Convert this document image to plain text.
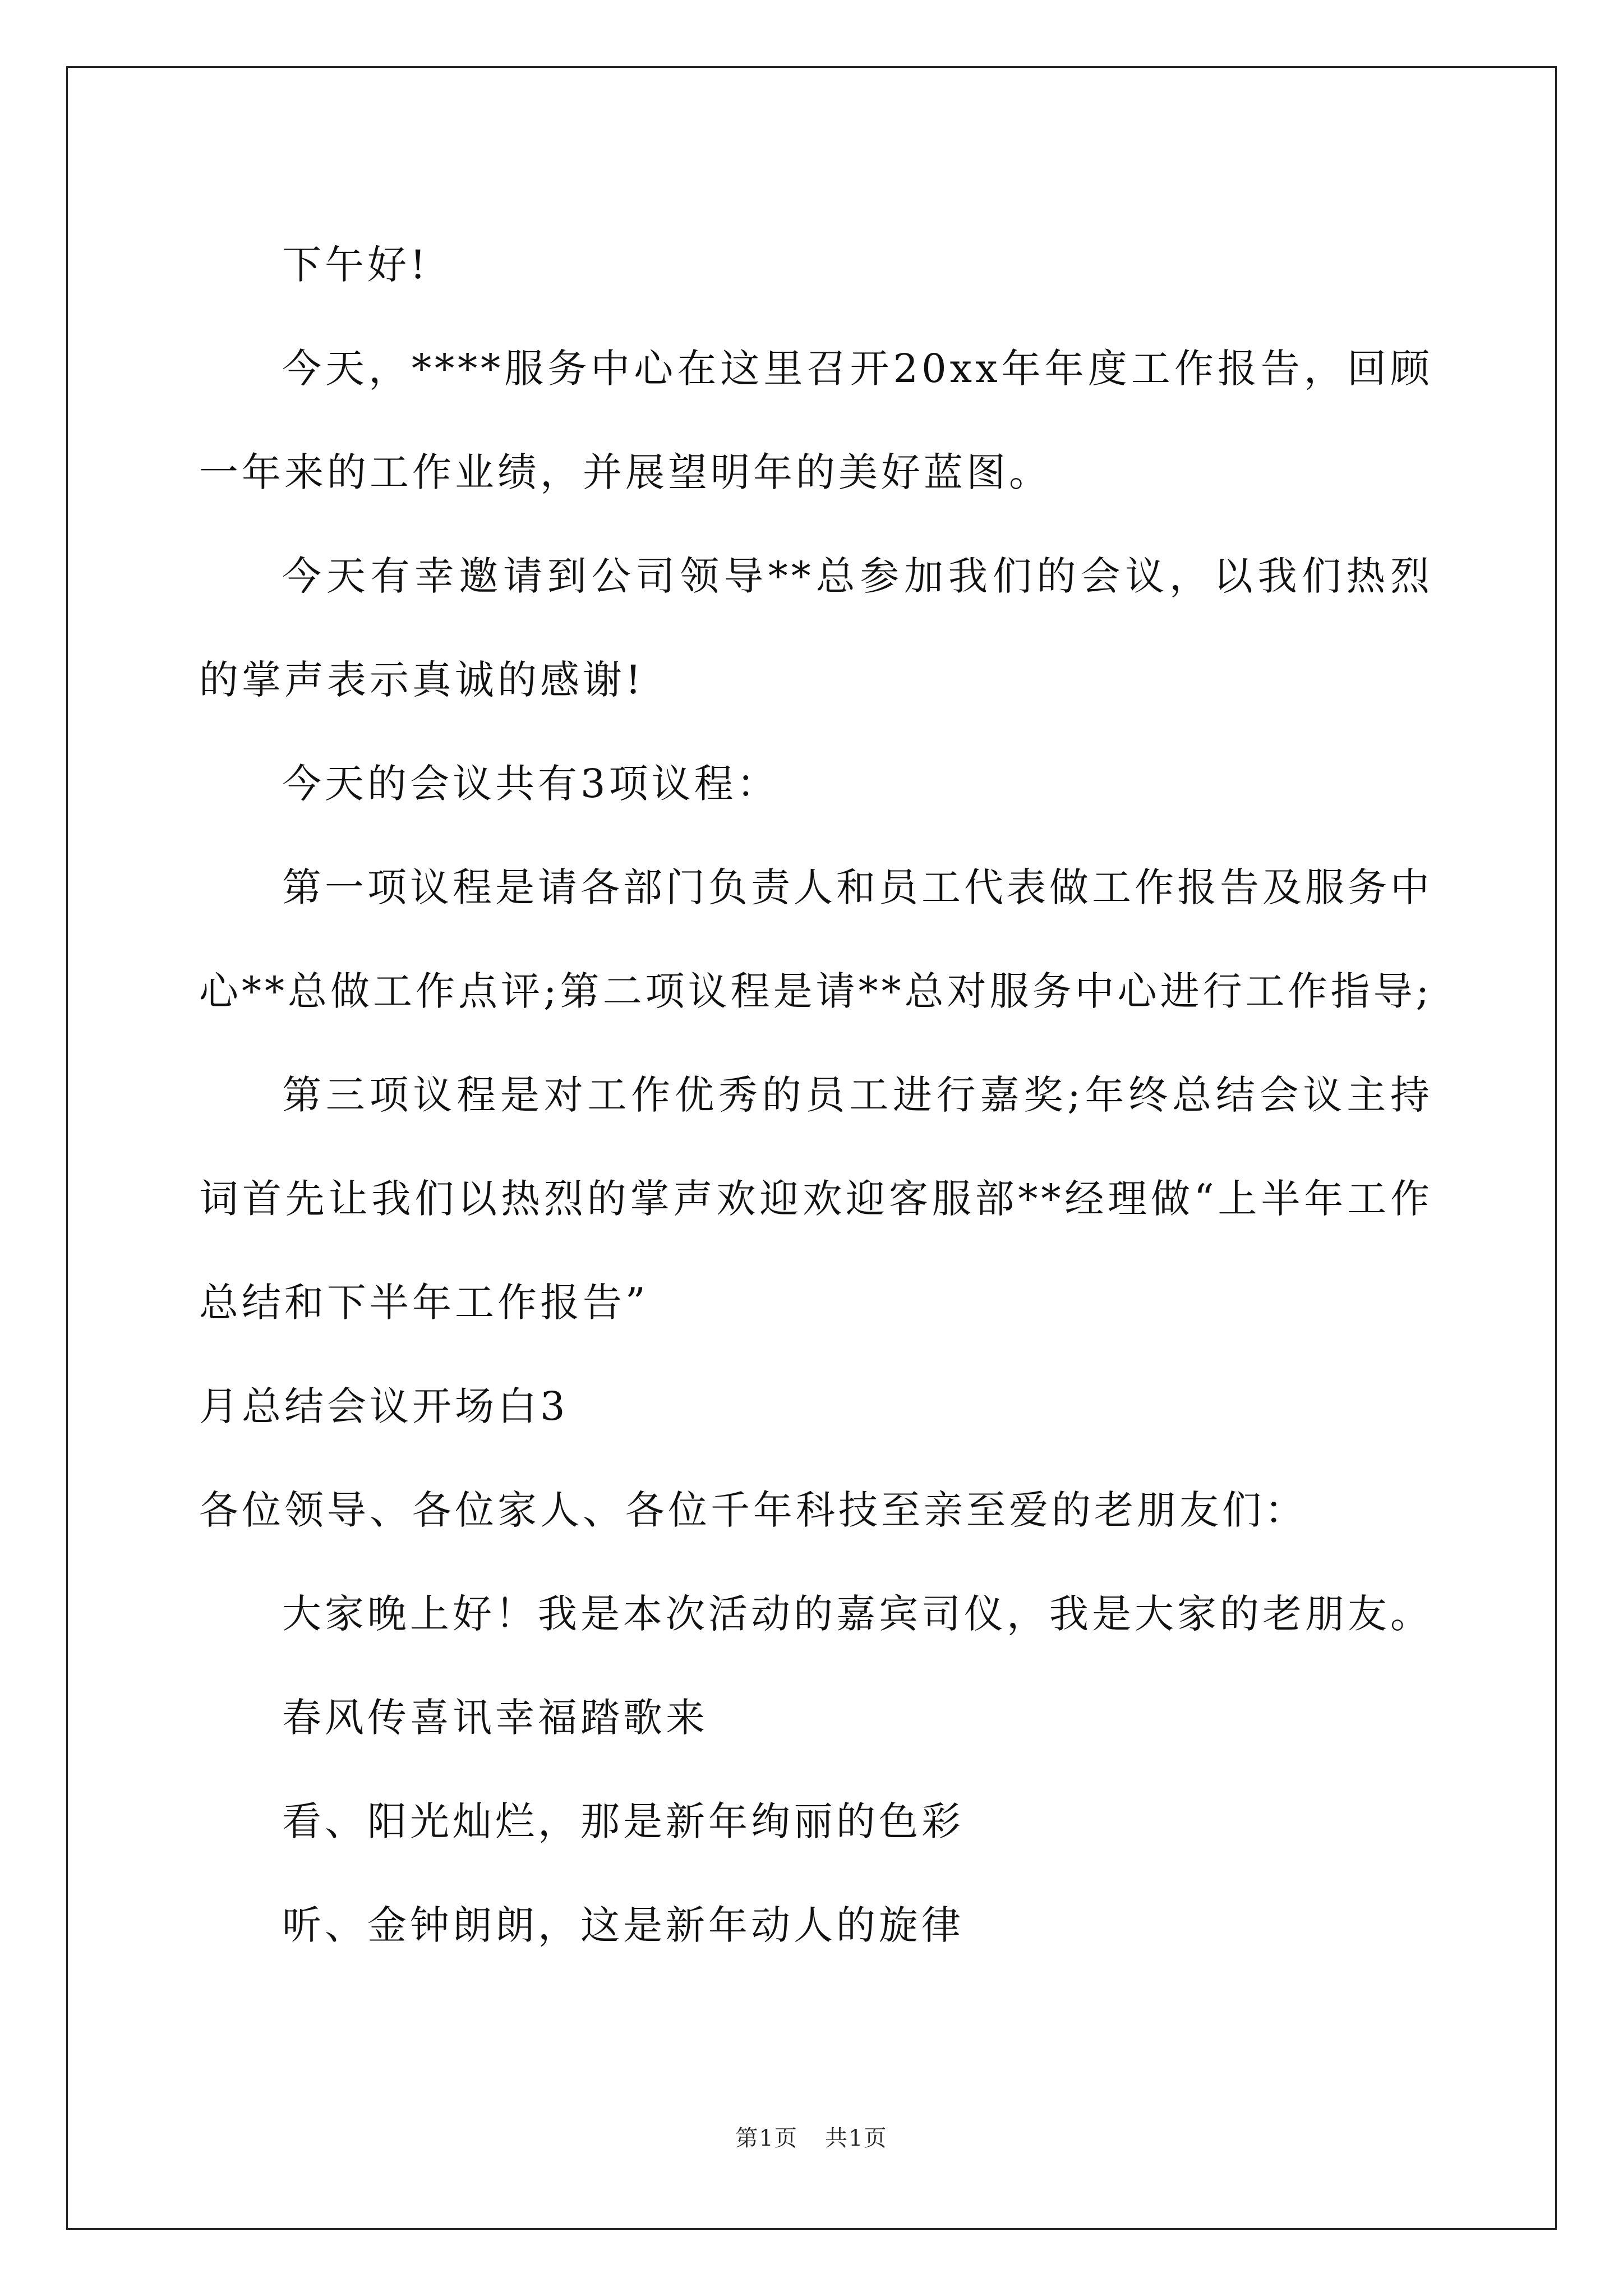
下午好!

今天，****服务中心在这里召开20xx年年度工作报告，回顾一年来的工作业绩，并展望明年的美好蓝图。

今天有幸邀请到公司领导**总参加我们的会议，以我们热烈的掌声表示真诚的感谢!

今天的会议共有3项议程：

第一项议程是请各部门负责人和员工代表做工作报告及服务中心**总做工作点评;第二项议程是请**总对服务中心进行工作指导;

第三项议程是对工作优秀的员工进行嘉奖;年终总结会议主持词首先让我们以热烈的掌声欢迎欢迎客服部**经理做“上半年工作总结和下半年工作报告”

月总结会议开场白3

各位领导、各位家人、各位千年科技至亲至爱的老朋友们：

大家晚上好！我是本次活动的嘉宾司仪，我是大家的老朋友。

春风传喜讯幸福踏歌来

看、阳光灿烂，那是新年绚丽的色彩

听、金钟朗朗，这是新年动人的旋律

第1页 共1页
